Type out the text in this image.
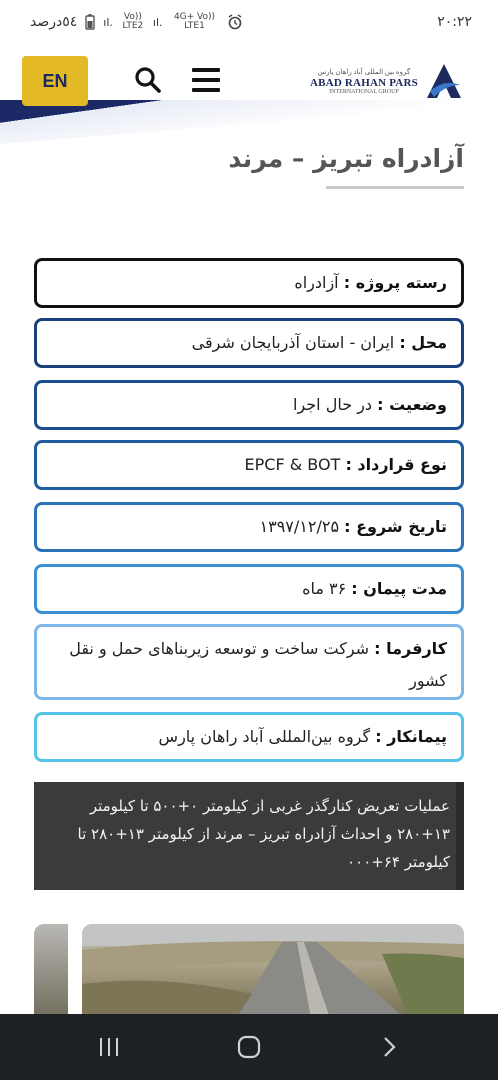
٥٤درصد ıl.	Vo)) LTE2 ıl.	4G+ Vo)) LTE1	۲۰:۲۲
EN	گروه بین المللی آباد راهان پارس
ABAD RAHAN PARS
INTERNATIONAL GROUP
آزادراه تبریز – مرند
رسته پروژه : آزادراه
محل : ایران - استان آذربایجان شرقی
وضعیت : در حال اجرا
نوع قرارداد : EPCF & BOT
تاریخ شروع : ۱۳۹۷/۱۲/۲۵
مدت پیمان : ۳۶ ماه
کارفرما : شرکت ساخت و توسعه زیربناهای حمل و نقل کشور
پیمانکار : گروه بین‌المللی آباد راهان پارس
عملیات تعریض کنارگذر غربی از کیلومتر ۰+۵۰۰ تا کیلومتر ۱۳+۲۸۰ و احداث آزادراه تبریز – مرند از کیلومتر ۱۳+۲۸۰ تا کیلومتر ۶۴+۰۰۰
